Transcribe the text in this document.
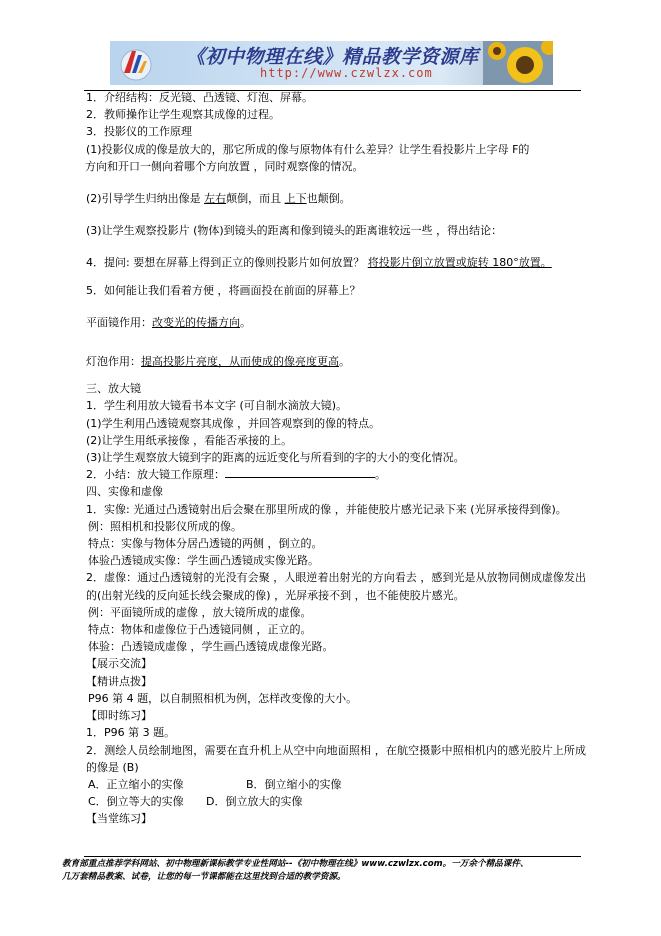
《初中物理在线》精品教学资源库
http://www.czwlzx.com

1．介绍结构：反光镜、凸透镜、灯泡、屏幕。

2．教师操作让学生观察其成像的过程。

3．投影仪的工作原理

(1)投影仪成的像是放大的，那它所成的像与原物体有什么差异？让学生看投影片上字母 F的

方向和开口一侧向着哪个方向放置 ，同时观察像的情况。

(2)引导学生归纳出像是 左右颠倒，而且 上下也颠倒。

(3)让学生观察投影片 (物体)到镜头的距离和像到镜头的距离谁较远一些 ，得出结论：

4．提问: 要想在屏幕上得到正立的像则投影片如何放置？ 将投影片倒立放置或旋转 180°放置。

5．如何能让我们看着方便 ，将画面投在前面的屏幕上？

平面镜作用：改变光的传播方向。

灯泡作用：提高投影片亮度，从而使成的像亮度更高。

三、放大镜

1．学生利用放大镜看书本文字 (可自制水滴放大镜)。

(1)学生利用凸透镜观察其成像 ，并回答观察到的像的特点。

(2)让学生用纸承接像 ，看能否承接的上。

(3)让学生观察放大镜到字的距离的远近变化与所看到的字的大小的变化情况。

2．小结：放大镜工作原理：	。

四、实像和虚像

1．实像: 光通过凸透镜射出后会聚在那里所成的像 ，并能使胶片感光记录下来 (光屏承接得到像)。

例：照相机和投影仪所成的像。

特点：实像与物体分居凸透镜的两侧 ，倒立的。

体验凸透镜成实像：学生画凸透镜成实像光路。

2．虚像：通过凸透镜射的光没有会聚 ，人眼逆着出射光的方向看去 ，感到光是从放物同侧成虚像发出的(出射光线的反向延长线会聚成的像) ，光屏承接不到 ，也不能使胶片感光。

例：平面镜所成的虚像 ，放大镜所成的虚像。

特点：物体和虚像位于凸透镜同侧 ，正立的。

体验：凸透镜成虚像 ，学生画凸透镜成虚像光路。

【展示交流】

【精讲点拨】

P96 第 4 题，以自制照相机为例，怎样改变像的大小。

【即时练习】

1．P96 第 3 题。

2．测绘人员绘制地图，需要在直升机上从空中向地面照相 ，在航空摄影中照相机内的感光胶片上所成的像是 (B)

A．正立缩小的实像	B．倒立缩小的实像

C．倒立等大的实像 D．倒立放大的实像

【当堂练习】

教育部重点推荐学科网站、初中物理新课标教学专业性网站--《初中物理在线》www.czwlzx.com。一万余个精品课件、

几万套精品教案、试卷，让您的每一节课都能在这里找到合适的教学资源。
